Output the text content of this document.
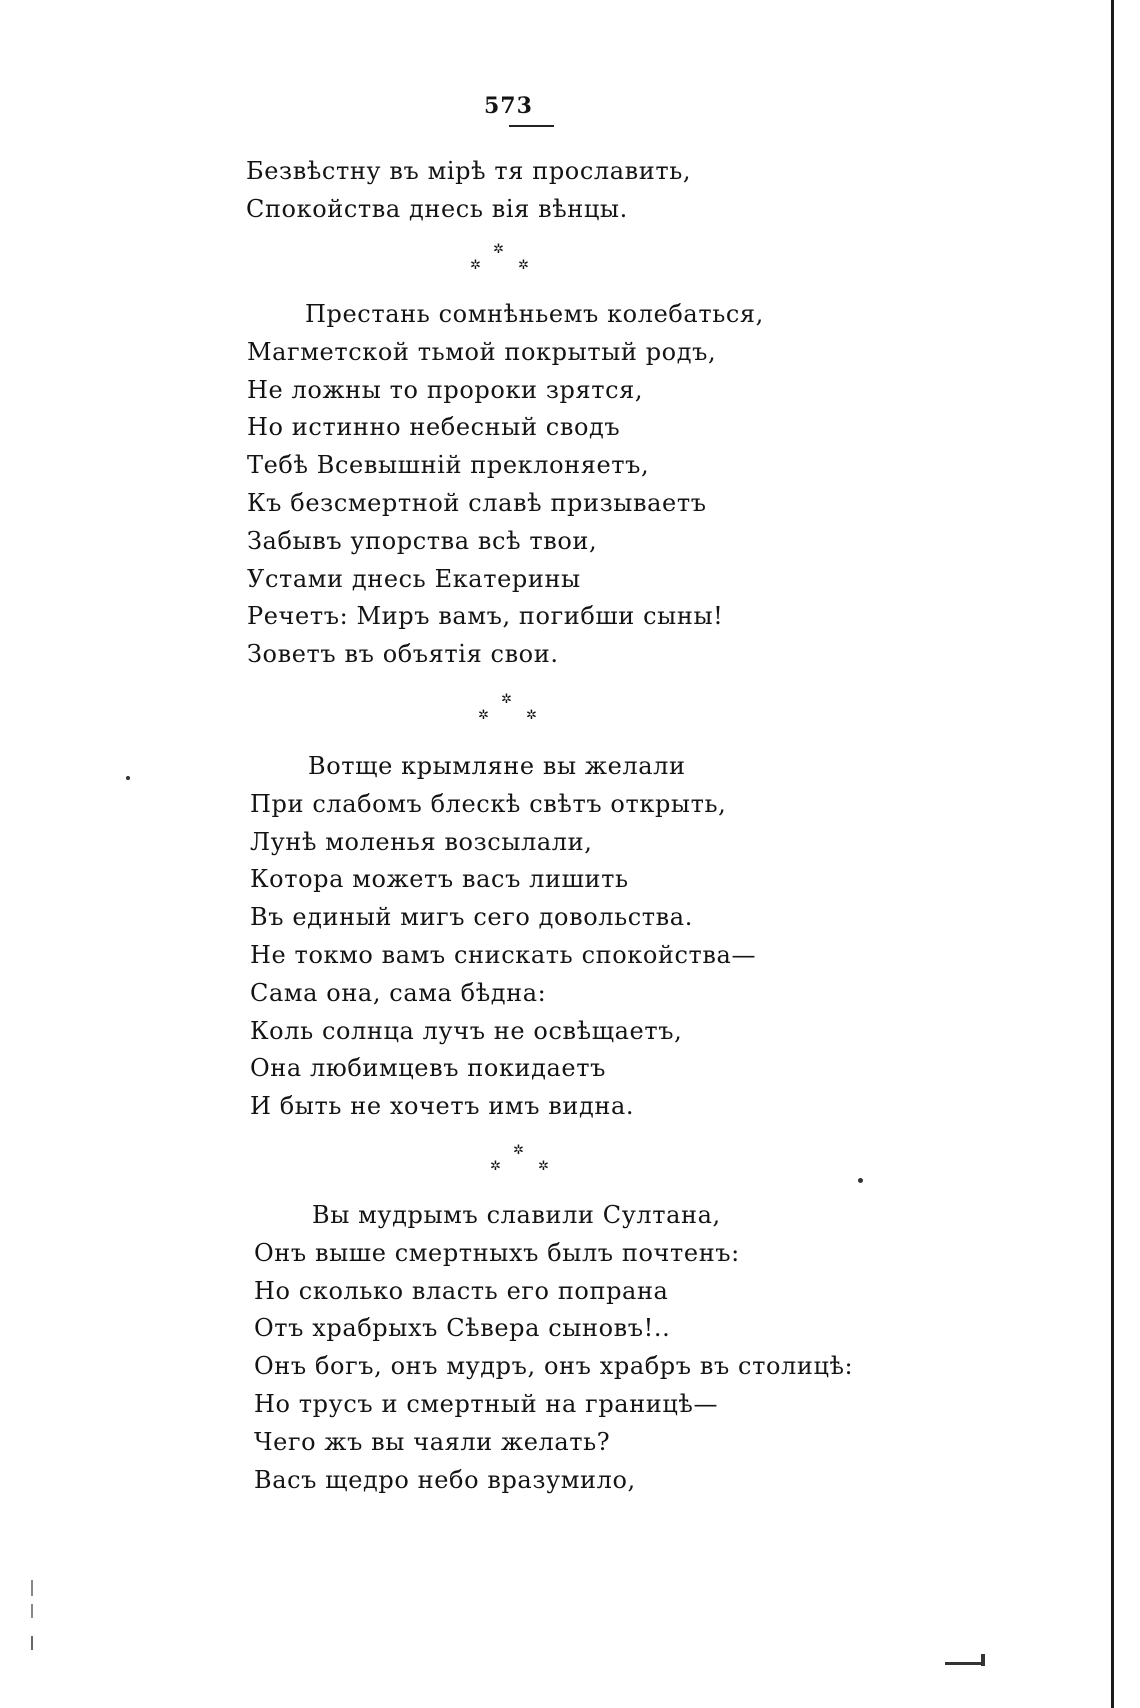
573
Безвѣстну въ мірѣ тя прославить,
Спокойства днесь вія вѣнцы.
✲
✲	✲
Престань сомнѣньемъ колебаться,
Магметской тьмой покрытый родъ,
Не ложны то пророки зрятся,
Но истинно небесный сводъ
Тебѣ Всевышній преклоняетъ,
Къ безсмертной славѣ призываетъ
Забывъ упорства всѣ твои,
Устами днесь Екатерины
Речетъ: Миръ вамъ, погибши сыны!
Зоветъ въ объятія свои.
✲
✲	✲
Вотще крымляне вы желали
При слабомъ блескѣ свѣтъ открыть,
Лунѣ моленья возсылали,
Котора можетъ васъ лишить
Въ единый мигъ сего довольства.
Не токмо вамъ снискать спокойства—
Сама она, сама бѣдна:
Коль солнца лучъ не освѣщаетъ,
Она любимцевъ покидаетъ
И быть не хочетъ имъ видна.
✲
✲	✲
Вы мудрымъ славили Султана,
Онъ выше смертныхъ былъ почтенъ:
Но сколько власть его попрана
Отъ храбрыхъ Сѣвера сыновъ!..
Онъ богъ, онъ мудръ, онъ храбръ въ столицѣ:
Но трусъ и смертный на границѣ—
Чего жъ вы чаяли желать?
Васъ щедро небо вразумило,
